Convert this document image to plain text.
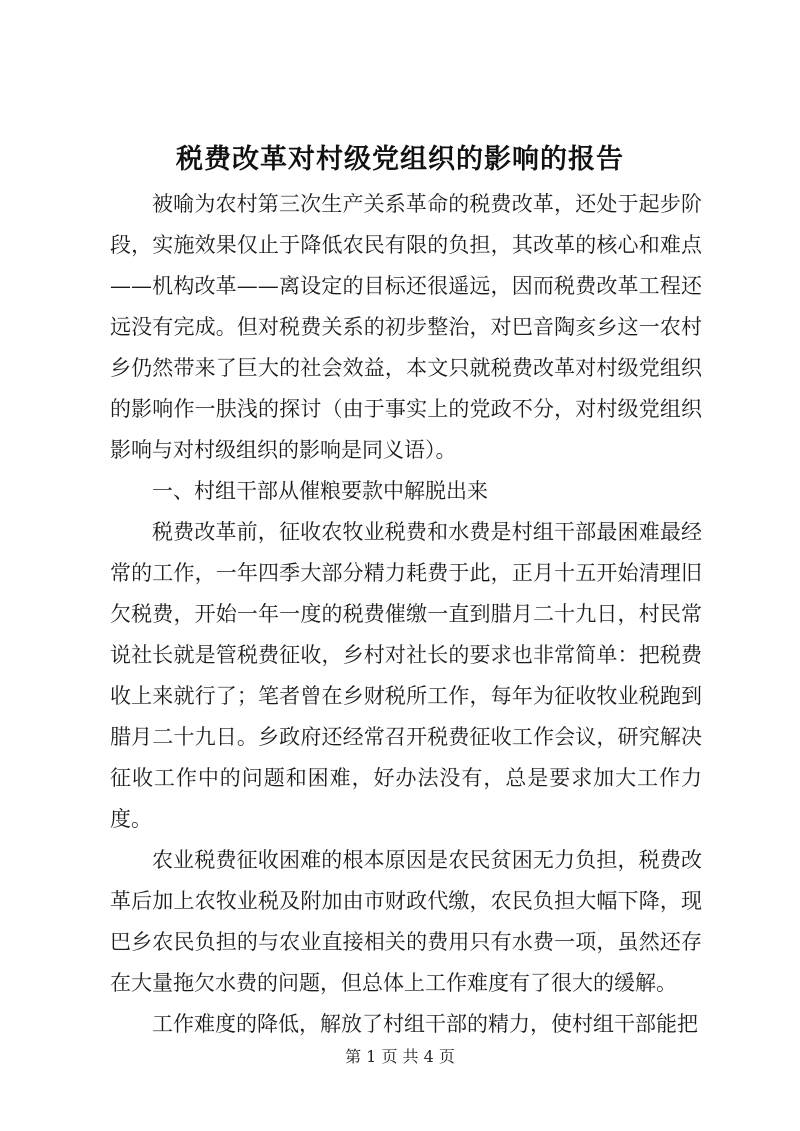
税费改革对村级党组织的影响的报告

被喻为农村第三次生产关系革命的税费改革，还处于起步阶段，实施效果仅止于降低农民有限的负担，其改革的核心和难点——机构改革——离设定的目标还很遥远，因而税费改革工程还远没有完成。但对税费关系的初步整治，对巴音陶亥乡这一农村乡仍然带来了巨大的社会效益，本文只就税费改革对村级党组织的影响作一肤浅的探讨（由于事实上的党政不分，对村级党组织影响与对村级组织的影响是同义语）。

一、村组干部从催粮要款中解脱出来

税费改革前，征收农牧业税费和水费是村组干部最困难最经常的工作，一年四季大部分精力耗费于此，正月十五开始清理旧欠税费，开始一年一度的税费催缴一直到腊月二十九日，村民常说社长就是管税费征收，乡村对社长的要求也非常简单：把税费收上来就行了；笔者曾在乡财税所工作，每年为征收牧业税跑到腊月二十九日。乡政府还经常召开税费征收工作会议，研究解决征收工作中的问题和困难，好办法没有，总是要求加大工作力度。

农业税费征收困难的根本原因是农民贫困无力负担，税费改革后加上农牧业税及附加由市财政代缴，农民负担大幅下降，现巴乡农民负担的与农业直接相关的费用只有水费一项，虽然还存在大量拖欠水费的问题，但总体上工作难度有了很大的缓解。

工作难度的降低，解放了村组干部的精力，使村组干部能把

第 1 页 共 4 页
